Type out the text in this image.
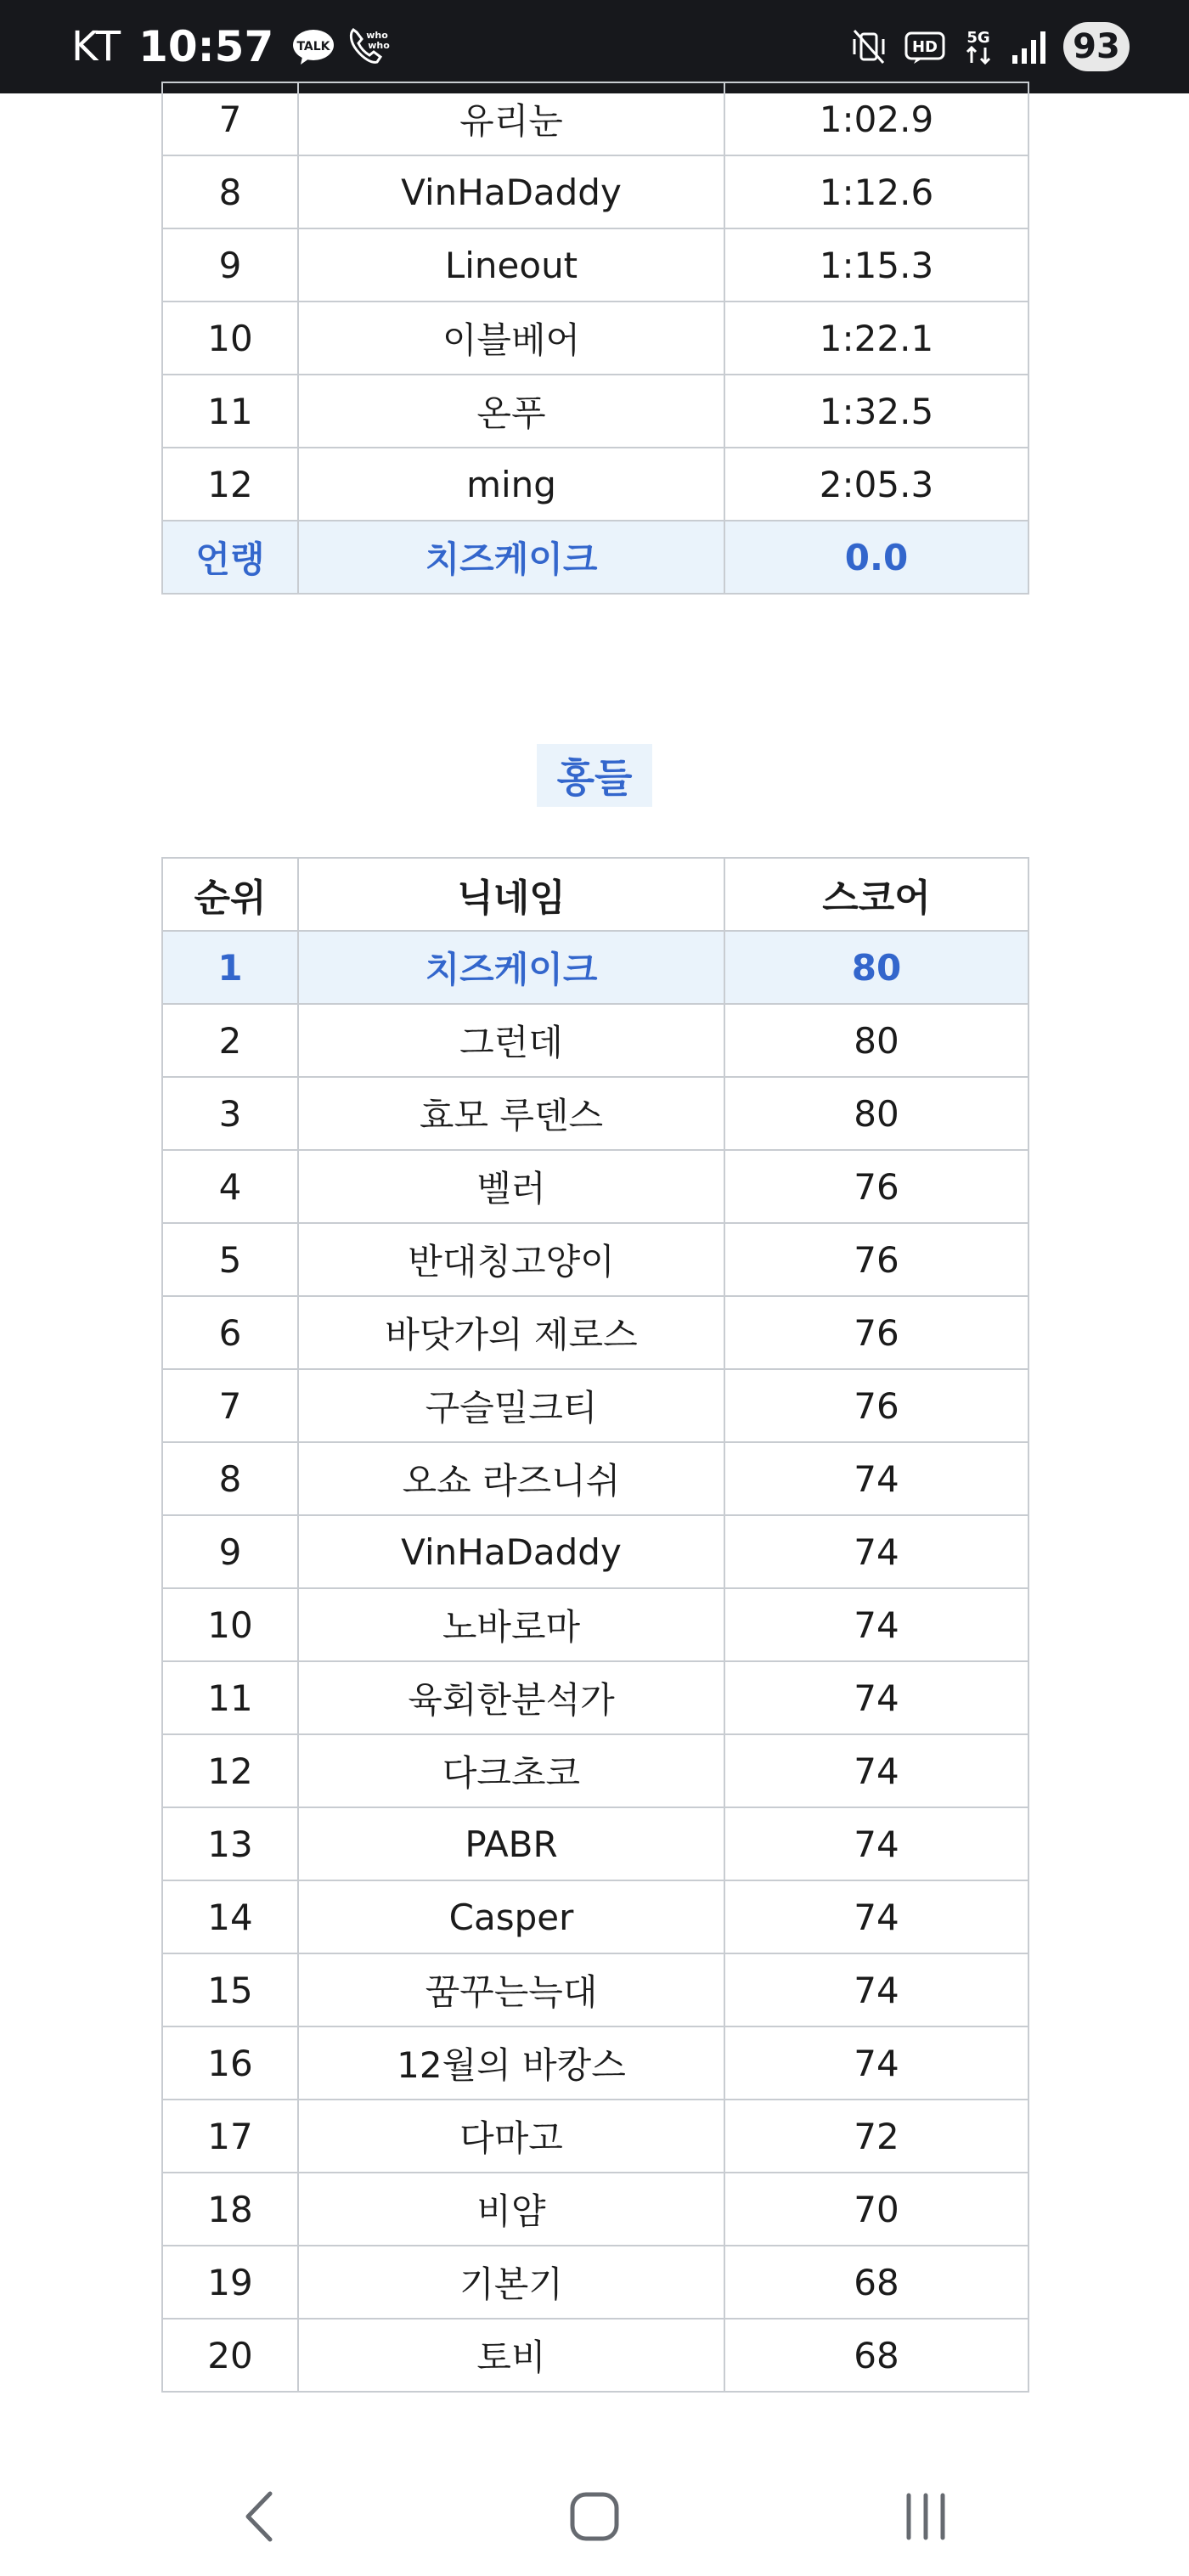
KT 10:57 TALK
who
who	HD
5G 93
7	유리눈	1:02.9
8	VinHaDaddy	1:12.6
9	Lineout	1:15.3
10	이블베어	1:22.1
11	온푸	1:32.5
12	ming	2:05.3
언랭	치즈케이크	0.0
홍들
순위	닉네임	스코어
1	치즈케이크	80
2	그런데	80
3	효모 루덴스	80
4	벨러	76
5	반대칭고양이	76
6	바닷가의 제로스	76
7	구슬밀크티	76
8	오쇼 라즈니쉬	74
9	VinHaDaddy	74
10	노바로마	74
11	육회한분석가	74
12	다크초코	74
13	PABR	74
14	Casper	74
15	꿈꾸는늑대	74
16	12월의 바캉스	74
17	다마고	72
18	비얌	70
19	기본기	68
20	토비	68
